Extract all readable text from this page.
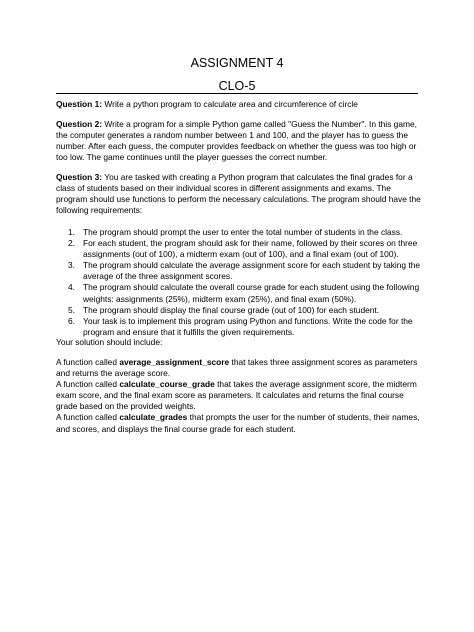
ASSIGNMENT 4
CLO-5

Question 1: Write a python program to calculate area and circumference of circle

Question 2: Write a program for a simple Python game called "Guess the Number". In this game, the computer generates a random number between 1 and 100, and the player has to guess the number. After each guess, the computer provides feedback on whether the guess was too high or too low. The game continues until the player guesses the correct number.

Question 3: You are tasked with creating a Python program that calculates the final grades for a class of students based on their individual scores in different assignments and exams. The program should use functions to perform the necessary calculations. The program should have the following requirements:

1. The program should prompt the user to enter the total number of students in the class.
2. For each student, the program should ask for their name, followed by their scores on three assignments (out of 100), a midterm exam (out of 100), and a final exam (out of 100).
3. The program should calculate the average assignment score for each student by taking the average of the three assignment scores.
4. The program should calculate the overall course grade for each student using the following weights: assignments (25%), midterm exam (25%), and final exam (50%).
5. The program should display the final course grade (out of 100) for each student.
6. Your task is to implement this program using Python and functions. Write the code for the program and ensure that it fulfills the given requirements.

Your solution should include:

A function called average_assignment_score that takes three assignment scores as parameters and returns the average score.

A function called calculate_course_grade that takes the average assignment score, the midterm exam score, and the final exam score as parameters. It calculates and returns the final course grade based on the provided weights.

A function called calculate_grades that prompts the user for the number of students, their names, and scores, and displays the final course grade for each student.
